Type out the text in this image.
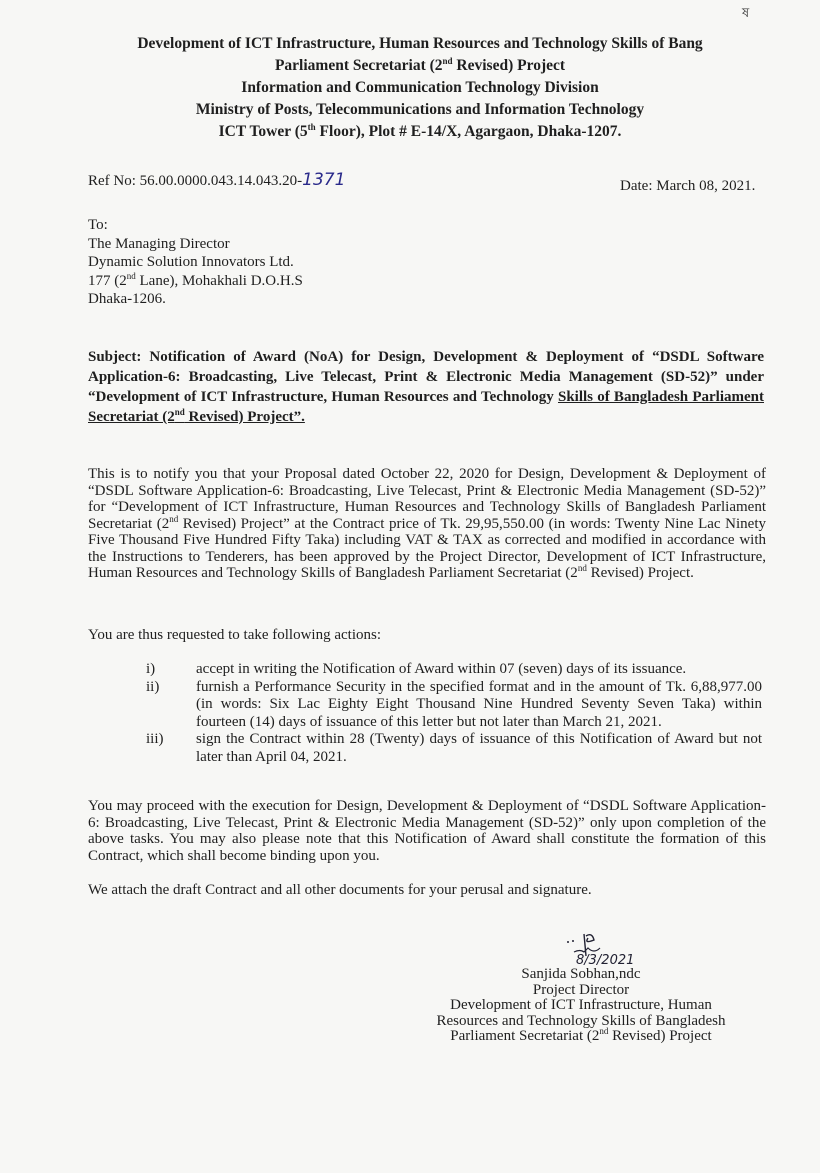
ষ
Development of ICT Infrastructure, Human Resources and Technology Skills of Bang
Parliament Secretariat (2nd Revised) Project
Information and Communication Technology Division
Ministry of Posts, Telecommunications and Information Technology
ICT Tower (5th Floor), Plot # E-14/X, Agargaon, Dhaka-1207.
Ref No: 56.00.0000.043.14.043.20-1371	Date: March 08, 2021.
To:
The Managing Director
Dynamic Solution Innovators Ltd.
177 (2nd Lane), Mohakhali D.O.H.S
Dhaka-1206.
Subject: Notification of Award (NoA) for Design, Development & Deployment of “DSDL Software Application-6: Broadcasting, Live Telecast, Print & Electronic Media Management (SD-52)” under “Development of ICT Infrastructure, Human Resources and Technology Skills of Bangladesh Parliament Secretariat (2nd Revised) Project”.
This is to notify you that your Proposal dated October 22, 2020 for Design, Development & Deployment of “DSDL Software Application-6: Broadcasting, Live Telecast, Print & Electronic Media Management (SD-52)” for “Development of ICT Infrastructure, Human Resources and Technology Skills of Bangladesh Parliament Secretariat (2nd Revised) Project” at the Contract price of Tk. 29,95,550.00 (in words: Twenty Nine Lac Ninety Five Thousand Five Hundred Fifty Taka) including VAT & TAX as corrected and modified in accordance with the Instructions to Tenderers, has been approved by the Project Director, Development of ICT Infrastructure, Human Resources and Technology Skills of Bangladesh Parliament Secretariat (2nd Revised) Project.
You are thus requested to take following actions:
i)	accept in writing the Notification of Award within 07 (seven) days of its issuance.
ii)	furnish a Performance Security in the specified format and in the amount of Tk. 6,88,977.00 (in words: Six Lac Eighty Eight Thousand Nine Hundred Seventy Seven Taka) within fourteen (14) days of issuance of this letter but not later than March 21, 2021.
iii)	sign the Contract within 28 (Twenty) days of issuance of this Notification of Award but not later than April 04, 2021.
You may proceed with the execution for Design, Development & Deployment of “DSDL Software Application-6: Broadcasting, Live Telecast, Print & Electronic Media Management (SD-52)” only upon completion of the above tasks. You may also please note that this Notification of Award shall constitute the formation of this Contract, which shall become binding upon you.
We attach the draft Contract and all other documents for your perusal and signature.
8/3/2021
Sanjida Sobhan,ndc
Project Director
Development of ICT Infrastructure, Human
Resources and Technology Skills of Bangladesh
Parliament Secretariat (2nd Revised) Project
